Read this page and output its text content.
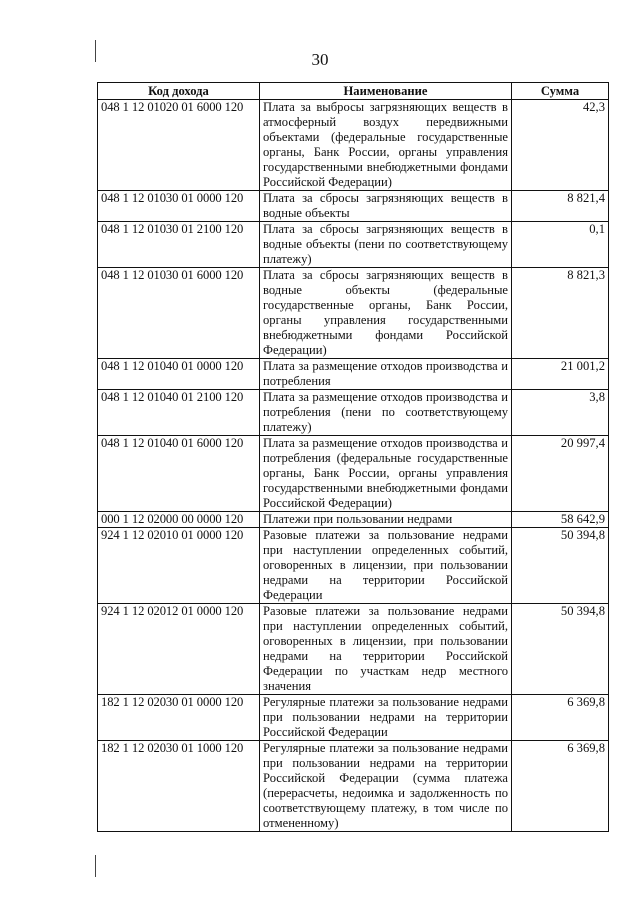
30
Код дохода	Наименование	Сумма
048 1 12 01020 01 6000 120	Плата за выбросы загрязняющих веществ в атмосферный воздух передвижными объектами (федеральные государственные органы, Банк России, органы управления государственными внебюджетными фондами Российской Федерации)	42,3
048 1 12 01030 01 0000 120	Плата за сбросы загрязняющих веществ в водные объекты	8 821,4
048 1 12 01030 01 2100 120	Плата за сбросы загрязняющих веществ в водные объекты (пени по соответствующему платежу)	0,1
048 1 12 01030 01 6000 120	Плата за сбросы загрязняющих веществ в водные объекты (федеральные государственные органы, Банк России, органы управления государственными внебюджетными фондами Российской Федерации)	8 821,3
048 1 12 01040 01 0000 120	Плата за размещение отходов производства и потребления	21 001,2
048 1 12 01040 01 2100 120	Плата за размещение отходов производства и потребления (пени по соответствующему платежу)	3,8
048 1 12 01040 01 6000 120	Плата за размещение отходов производства и потребления (федеральные государственные органы, Банк России, органы управления государственными внебюджетными фондами Российской Федерации)	20 997,4
000 1 12 02000 00 0000 120	Платежи при пользовании недрами	58 642,9
924 1 12 02010 01 0000 120	Разовые платежи за пользование недрами при наступлении определенных событий, оговоренных в лицензии, при пользовании недрами на территории Российской Федерации	50 394,8
924 1 12 02012 01 0000 120	Разовые платежи за пользование недрами при наступлении определенных событий, оговоренных в лицензии, при пользовании недрами на территории Российской Федерации по участкам недр местного значения	50 394,8
182 1 12 02030 01 0000 120	Регулярные платежи за пользование недрами при пользовании недрами на территории Российской Федерации	6 369,8
182 1 12 02030 01 1000 120	Регулярные платежи за пользование недрами при пользовании недрами на территории Российской Федерации (сумма платежа (перерасчеты, недоимка и задолженность по соответствующему платежу, в том числе по отмененному)	6 369,8
